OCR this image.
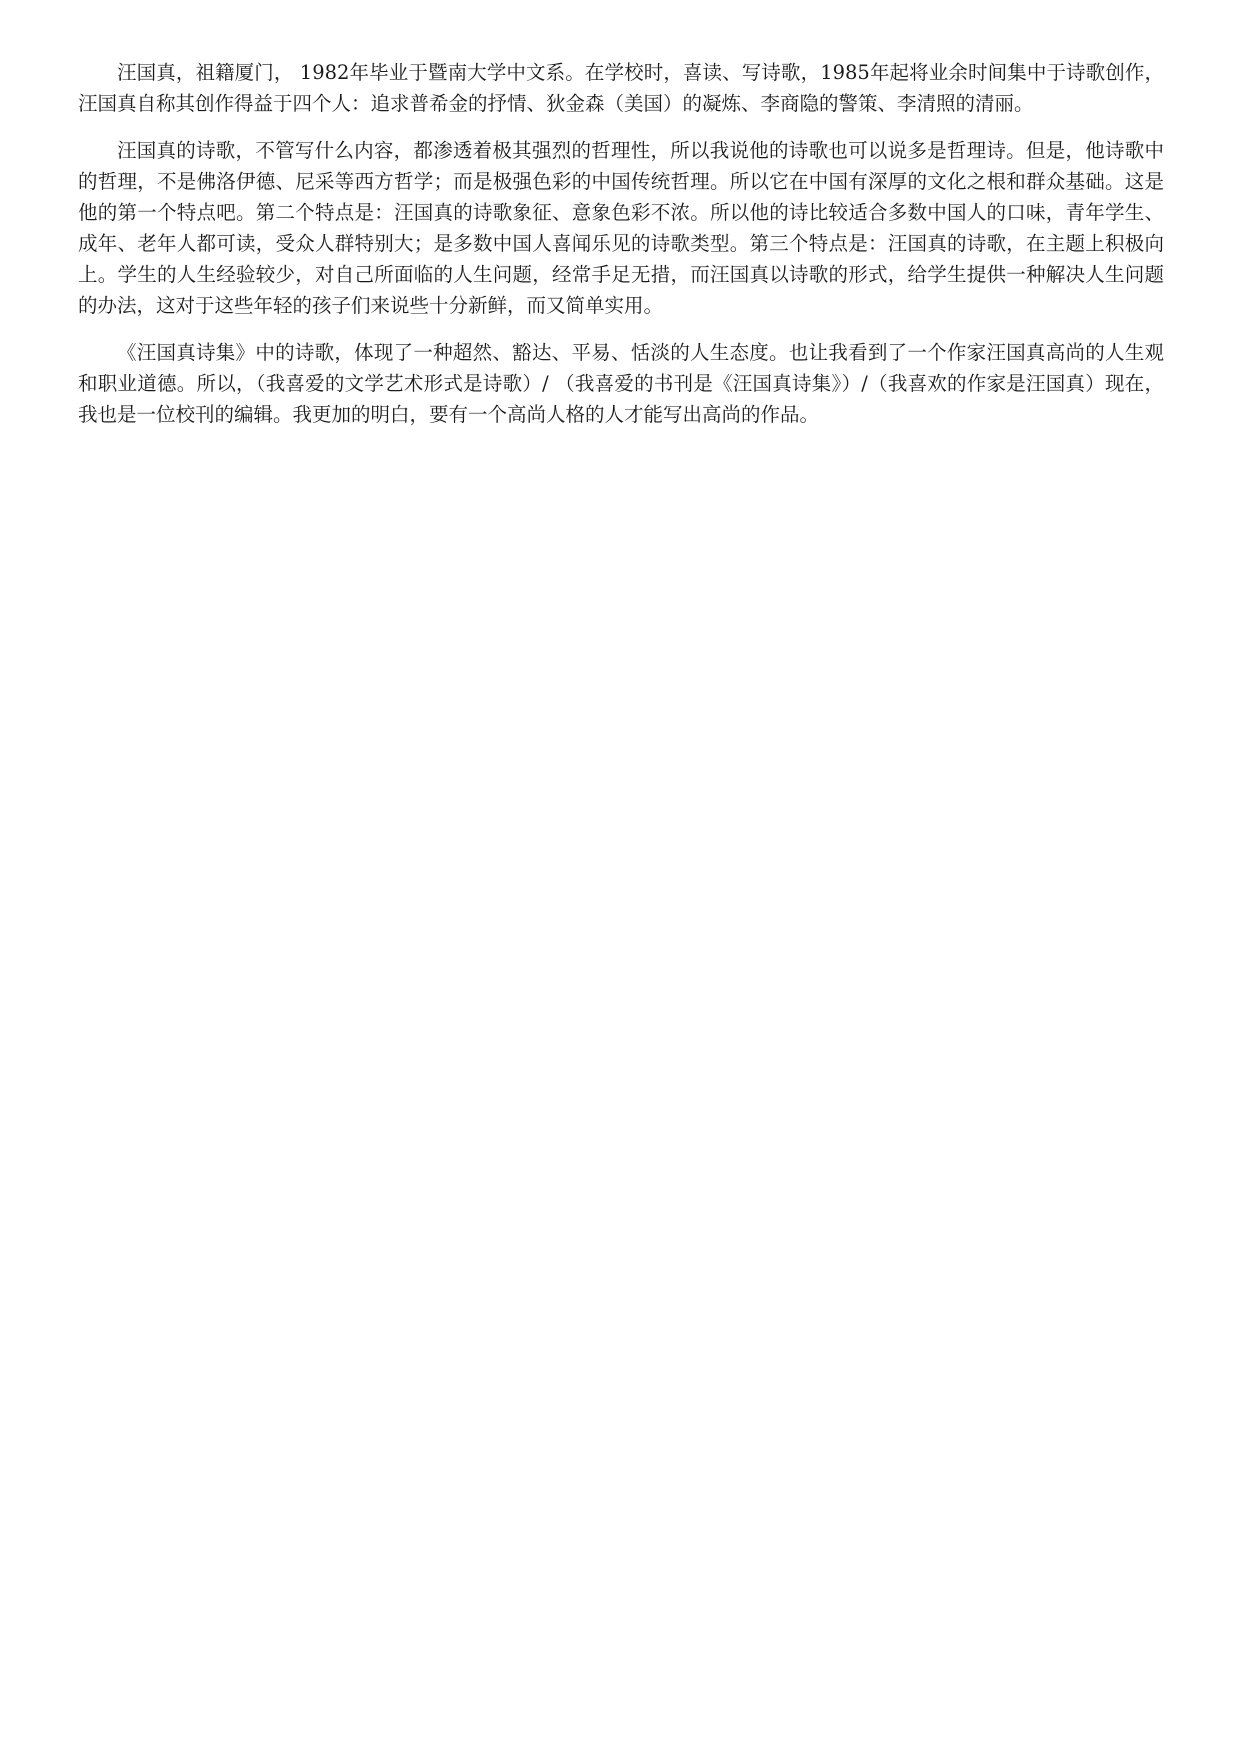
汪国真，祖籍厦门， 1982年毕业于暨南大学中文系。在学校时，喜读、写诗歌，1985年起将业余时间集中于诗歌创作，汪国真自称其创作得益于四个人：追求普希金的抒情、狄金森（美国）的凝炼、李商隐的警策、李清照的清丽。

汪国真的诗歌，不管写什么内容，都渗透着极其强烈的哲理性，所以我说他的诗歌也可以说多是哲理诗。但是，他诗歌中的哲理，不是佛洛伊德、尼采等西方哲学；而是极强色彩的中国传统哲理。所以它在中国有深厚的文化之根和群众基础。这是他的第一个特点吧。第二个特点是：汪国真的诗歌象征、意象色彩不浓。所以他的诗比较适合多数中国人的口味，青年学生、成年、老年人都可读，受众人群特别大；是多数中国人喜闻乐见的诗歌类型。第三个特点是：汪国真的诗歌，在主题上积极向上。学生的人生经验较少，对自己所面临的人生问题，经常手足无措，而汪国真以诗歌的形式，给学生提供一种解决人生问题的办法，这对于这些年轻的孩子们来说些十分新鲜，而又简单实用。

《汪国真诗集》中的诗歌，体现了一种超然、豁达、平易、恬淡的人生态度。也让我看到了一个作家汪国真高尚的人生观和职业道德。所以，（我喜爱的文学艺术形式是诗歌）/ （我喜爱的书刊是《汪国真诗集》）/（我喜欢的作家是汪国真）现在，我也是一位校刊的编辑。我更加的明白，要有一个高尚人格的人才能写出高尚的作品。
